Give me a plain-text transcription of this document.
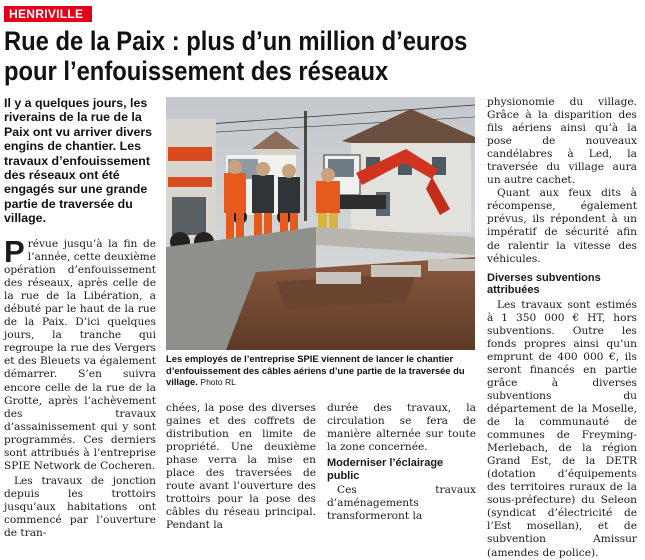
HENRIVILLE
Rue de la Paix : plus d’un million d’euros
pour l’enfouissement des réseaux

Il y a quelques jours, les riverains de la rue de la Paix ont vu arriver divers engins de chantier. Les travaux d’enfouissement des réseaux ont été engagés sur une grande partie de traversée du village.

Prévue jusqu’à la fin de l’année, cette deuxième opération d’enfouissement des réseaux, après celle de la rue de la Libération, a débuté par le haut de la rue de la Paix. D’ici quelques jours, la tranche qui regroupe la rue des Vergers et des Bleuets va également démarrer. S’en suivra encore celle de la rue de la Grotte, après l’achèvement des travaux d’assainissement qui y sont programmés. Ces derniers sont attribués à l’entreprise SPIE Network de Cocheren.

Les travaux de jonction depuis les trottoirs jusqu’aux habitations ont commencé par l’ouverture de tran-

Les employés de l’entreprise SPIE viennent de lancer le chantier d’enfouissement des câbles aériens d’une partie de la traversée du village. Photo RL

chées, la pose des diverses gaines et des coffrets de distribution en limite de propriété. Une deuxième phase verra la mise en place des traversées de route avant l’ouverture des trottoirs pour la pose des câbles du réseau principal. Pendant la

durée des travaux, la circulation se fera de manière alternée sur toute la zone concernée.

Moderniser l’éclairage public

Ces travaux d’aménagements transformeront la

physionomie du village. Grâce à la disparition des fils aériens ainsi qu’à la pose de nouveaux candélabres à Led, la traversée du village aura un autre cachet.

Quant aux feux dits à récompense, également prévus, ils répondent à un impératif de sécurité afin de ralentir la vitesse des véhicules.

Diverses subventions attribuées

Les travaux sont estimés à 1 350 000 € HT, hors subventions. Outre les fonds propres ainsi qu’un emprunt de 400 000 €, ils seront financés en partie grâce à diverses subventions du département de la Moselle, de la communauté de communes de Freyming-Merlebach, de la région Grand Est, de la DETR (dotation d’équipements des territoires ruraux de la sous-préfecture) du Seleon (syndicat d’électricité de l’Est mosellan), et de subvention Amissur (amendes de police).
